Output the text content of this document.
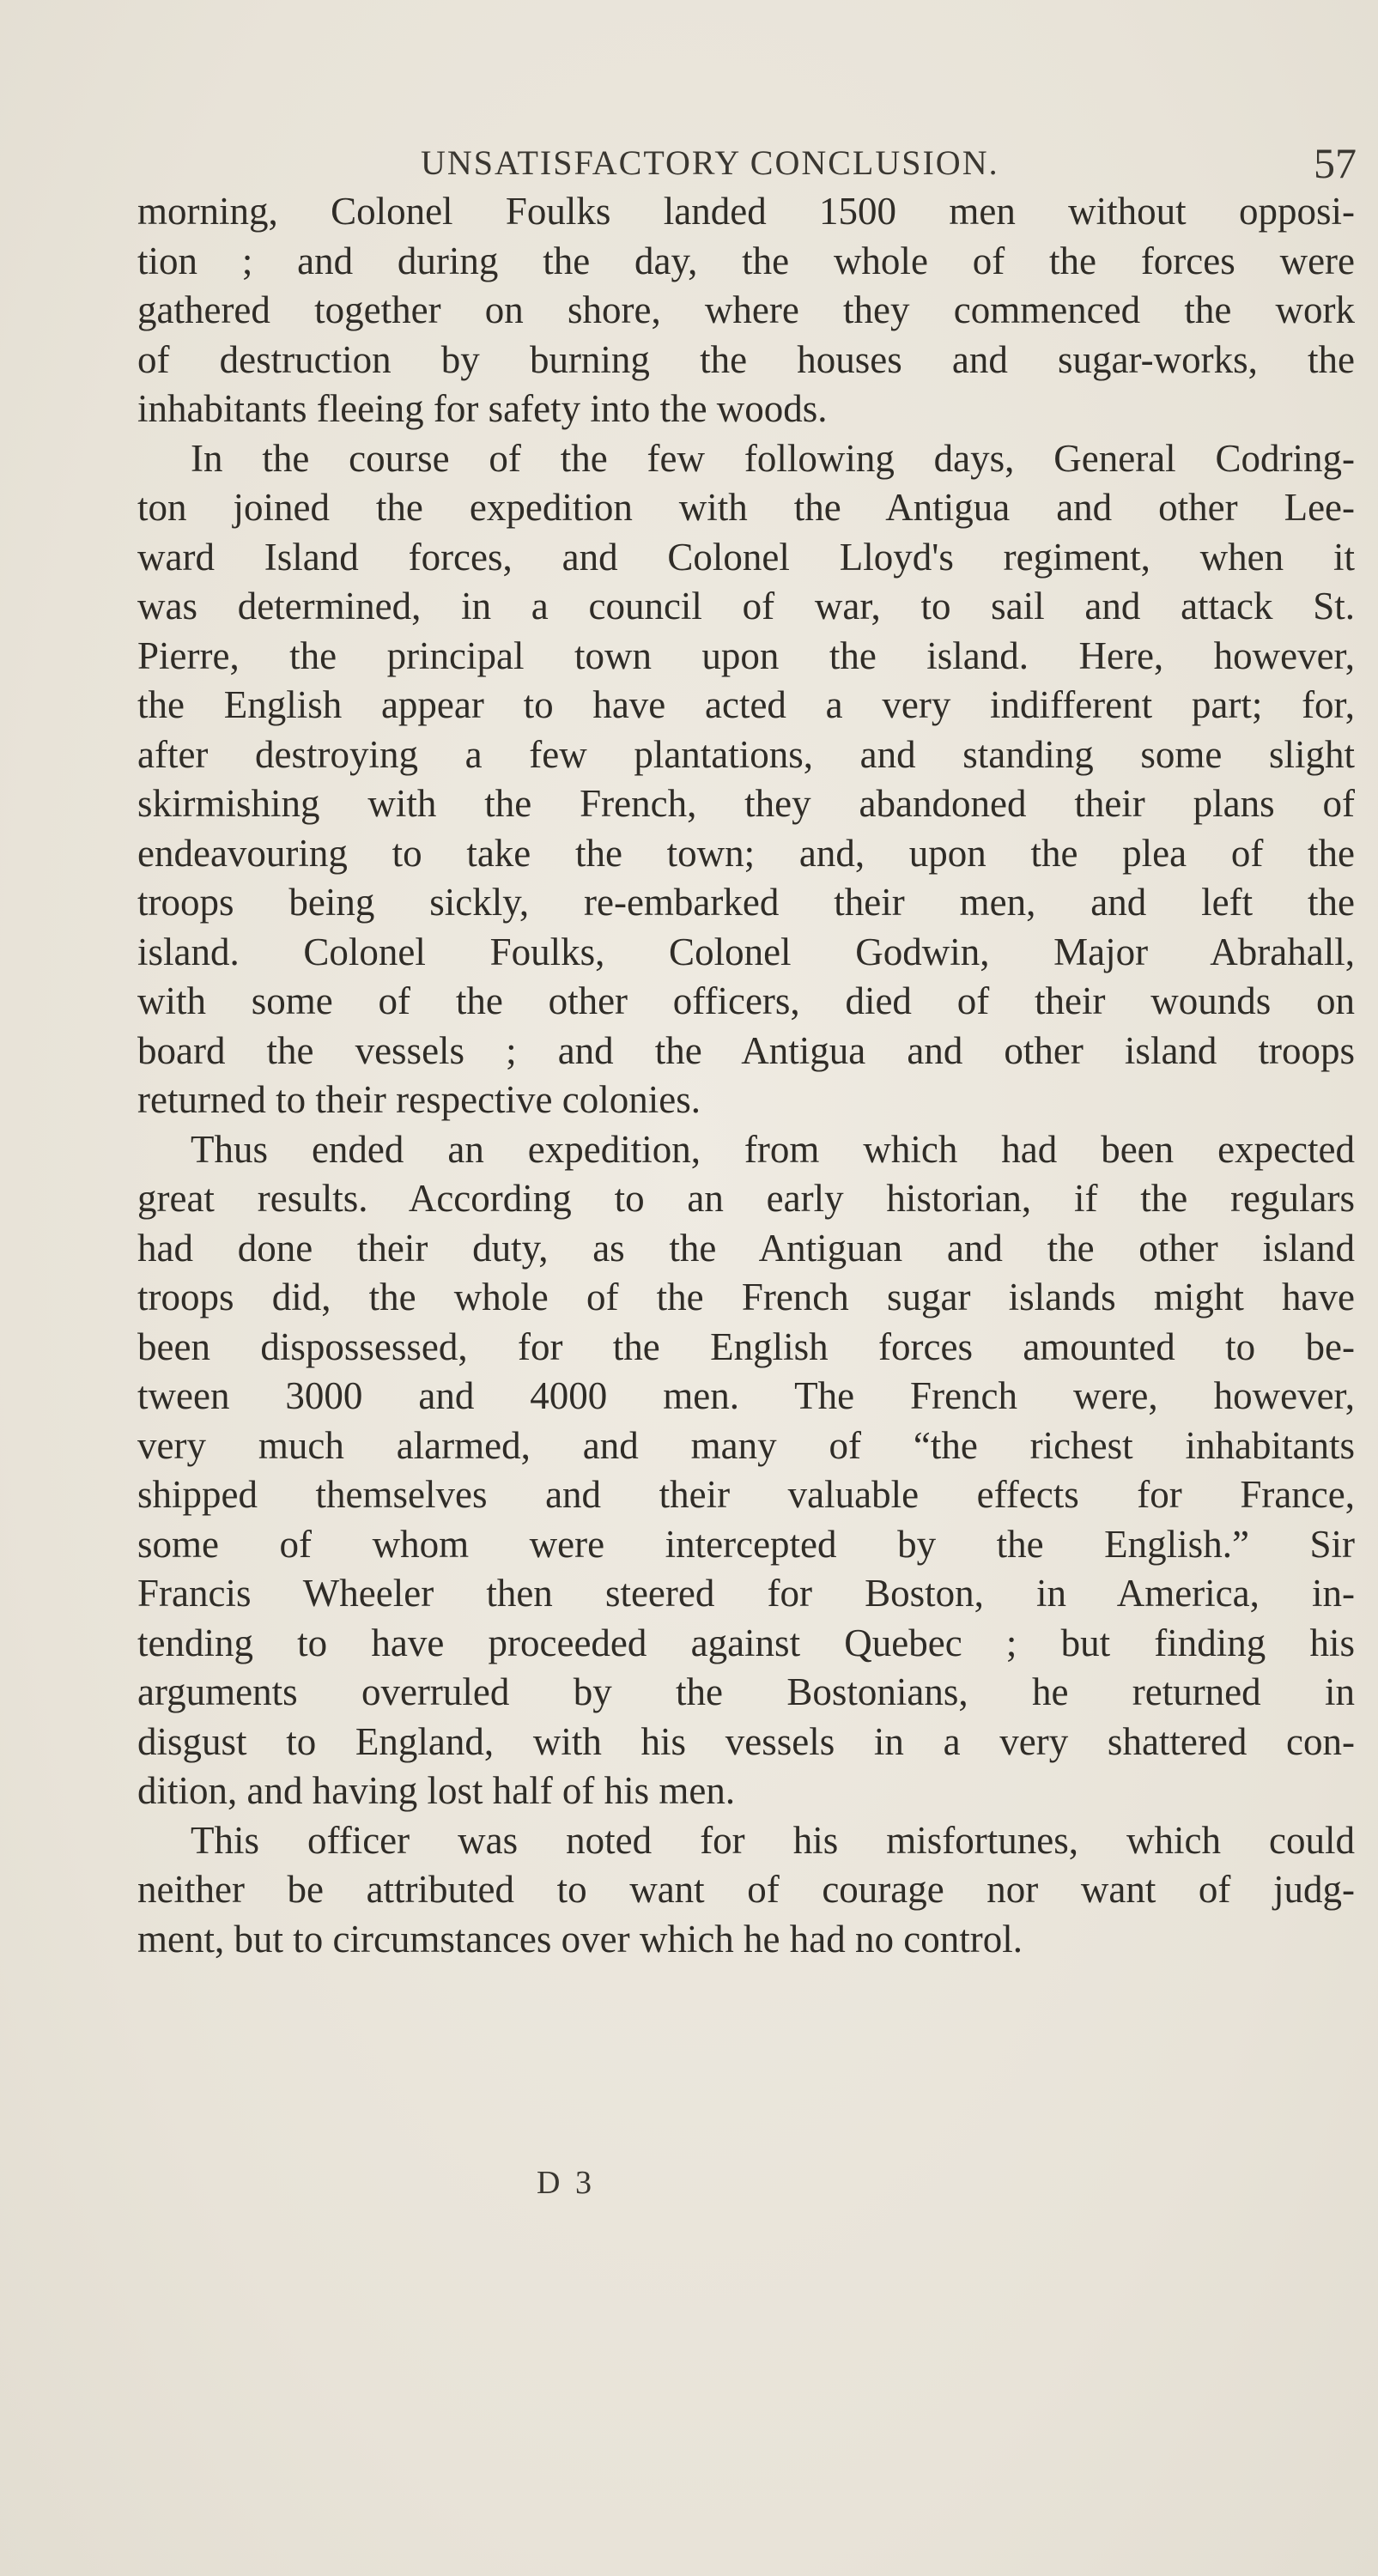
UNSATISFACTORY CONCLUSION.	57
morning, Colonel Foulks landed 1500 men without opposi-
tion ; and during the day, the whole of the forces were
gathered together on shore, where they commenced the work
of destruction by burning the houses and sugar-works, the
inhabitants fleeing for safety into the woods.
In the course of the few following days, General Codring-
ton joined the expedition with the Antigua and other Lee-
ward Island forces, and Colonel Lloyd's regiment, when it
was determined, in a council of war, to sail and attack St.
Pierre, the principal town upon the island. Here, however,
the English appear to have acted a very indifferent part; for,
after destroying a few plantations, and standing some slight
skirmishing with the French, they abandoned their plans of
endeavouring to take the town; and, upon the plea of the
troops being sickly, re-embarked their men, and left the
island. Colonel Foulks, Colonel Godwin, Major Abrahall,
with some of the other officers, died of their wounds on
board the vessels ; and the Antigua and other island troops
returned to their respective colonies.
Thus ended an expedition, from which had been expected
great results. According to an early historian, if the regulars
had done their duty, as the Antiguan and the other island
troops did, the whole of the French sugar islands might have
been dispossessed, for the English forces amounted to be-
tween 3000 and 4000 men. The French were, however,
very much alarmed, and many of “the richest inhabitants
shipped themselves and their valuable effects for France,
some of whom were intercepted by the English.” Sir
Francis Wheeler then steered for Boston, in America, in-
tending to have proceeded against Quebec ; but finding his
arguments overruled by the Bostonians, he returned in
disgust to England, with his vessels in a very shattered con-
dition, and having lost half of his men.
This officer was noted for his misfortunes, which could
neither be attributed to want of courage nor want of judg-
ment, but to circumstances over which he had no control.
D 3
